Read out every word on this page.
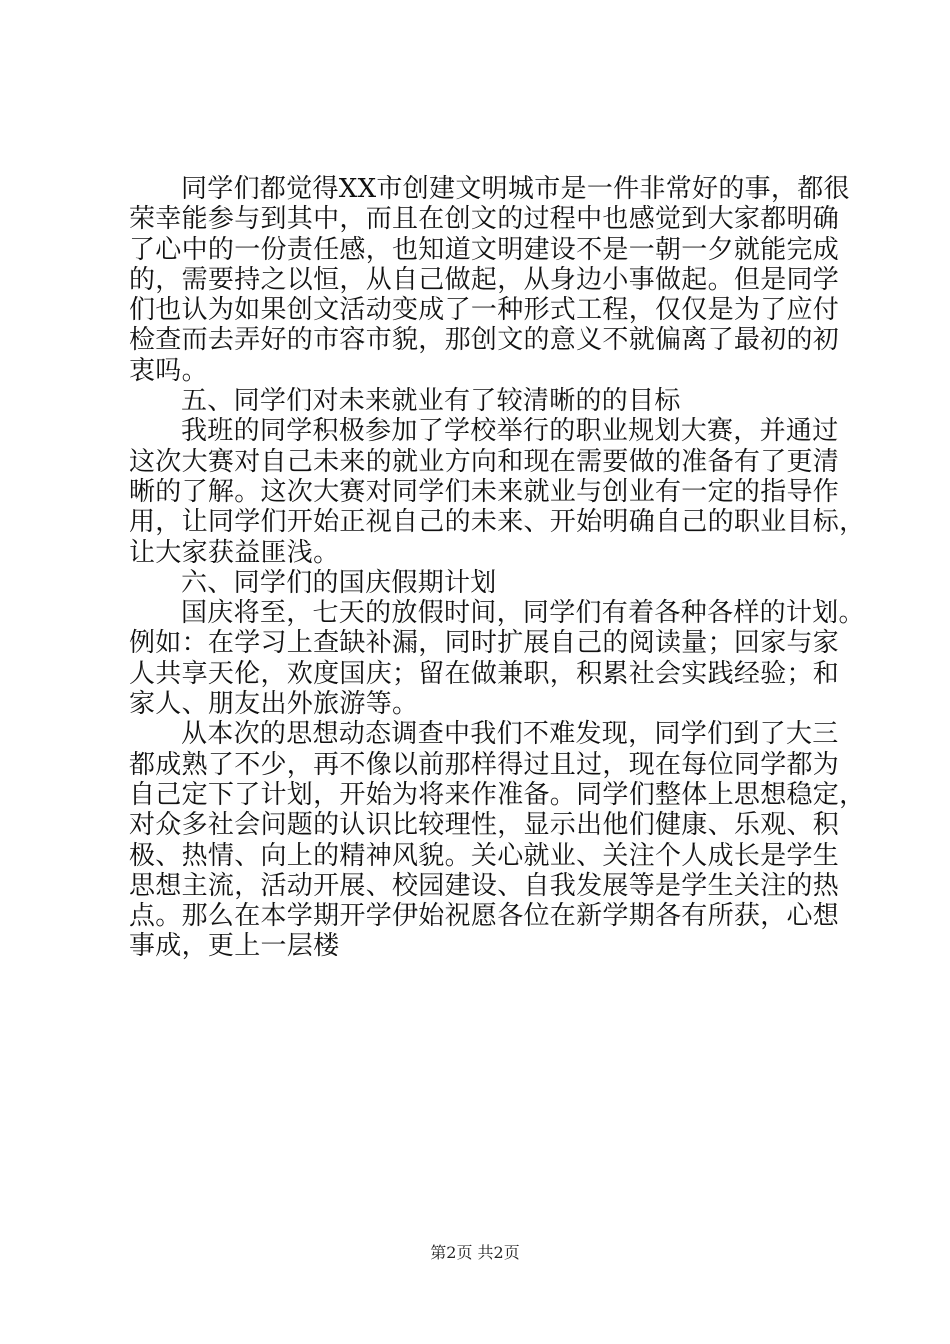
同学们都觉得XX市创建文明城市是一件非常好的事，都很
荣幸能参与到其中，而且在创文的过程中也感觉到大家都明确
了心中的一份责任感，也知道文明建设不是一朝一夕就能完成
的，需要持之以恒，从自己做起，从身边小事做起。但是同学
们也认为如果创文活动变成了一种形式工程，仅仅是为了应付
检查而去弄好的市容市貌，那创文的意义不就偏离了最初的初
衷吗。
五、同学们对未来就业有了较清晰的的目标
我班的同学积极参加了学校举行的职业规划大赛，并通过
这次大赛对自己未来的就业方向和现在需要做的准备有了更清
晰的了解。这次大赛对同学们未来就业与创业有一定的指导作
用，让同学们开始正视自己的未来、开始明确自己的职业目标，
让大家获益匪浅。
六、同学们的国庆假期计划
国庆将至，七天的放假时间，同学们有着各种各样的计划。
例如：在学习上查缺补漏，同时扩展自己的阅读量；回家与家
人共享天伦，欢度国庆；留在做兼职，积累社会实践经验；和
家人、朋友出外旅游等。
从本次的思想动态调查中我们不难发现，同学们到了大三
都成熟了不少，再不像以前那样得过且过，现在每位同学都为
自己定下了计划，开始为将来作准备。同学们整体上思想稳定，
对众多社会问题的认识比较理性，显示出他们健康、乐观、积
极、热情、向上的精神风貌。关心就业、关注个人成长是学生
思想主流，活动开展、校园建设、自我发展等是学生关注的热
点。那么在本学期开学伊始祝愿各位在新学期各有所获，心想
事成，更上一层楼
第2页 共2页
